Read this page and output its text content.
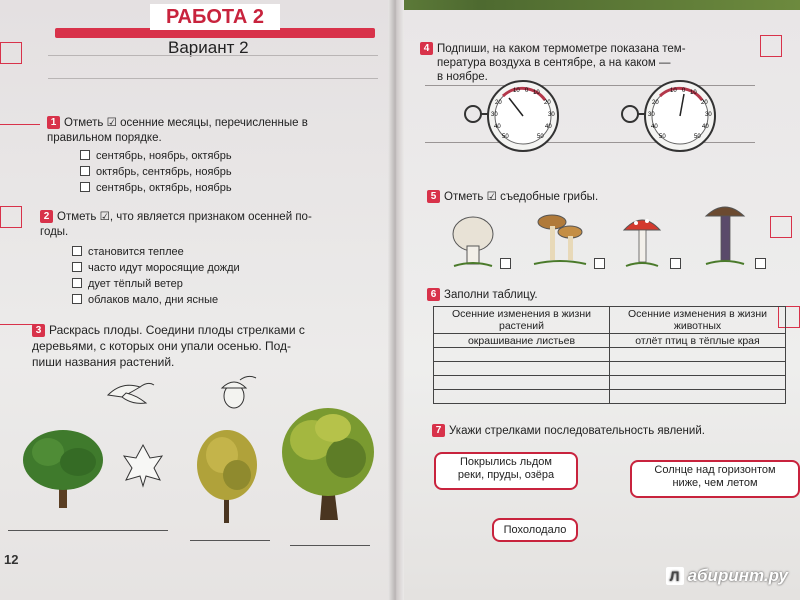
РАБОТА 2
Вариант 2
1 Отметь ☑ осенние месяцы, перечисленные в
правильном порядке.
сентябрь, ноябрь, октябрь
октябрь, сентябрь, ноябрь
сентябрь, октябрь, ноябрь
2 Отметь ☑, что является признаком осенней по-
годы.
становится теплее
часто идут моросящие дожди
дует тёплый ветер
облаков мало, дни ясные
3 Раскрась плоды. Соедини плоды стрелками с
деревьями, с которых они упали осенью. Под-
пиши названия растений.
12
4 Подпиши, на каком термометре показана тем-
пература воздуха в сентябре, а на каком —
в ноябре.
10 0 10
20	20
30	30
40	40
50	50
10 0 10
20	20
30	30
40	40
50	50
5 Отметь ☑ съедобные грибы.
6 Заполни таблицу.
Осенние изменения в жизни растений	Осенние изменения в жизни животных
окрашивание листьев	отлёт птиц в тёплые края

7 Укажи стрелками последовательность явлений.
Покрылись льдом
реки, пруды, озёра	Солнце над горизонтом
ниже, чем летом
Похолодало
Л абиринт.ру
